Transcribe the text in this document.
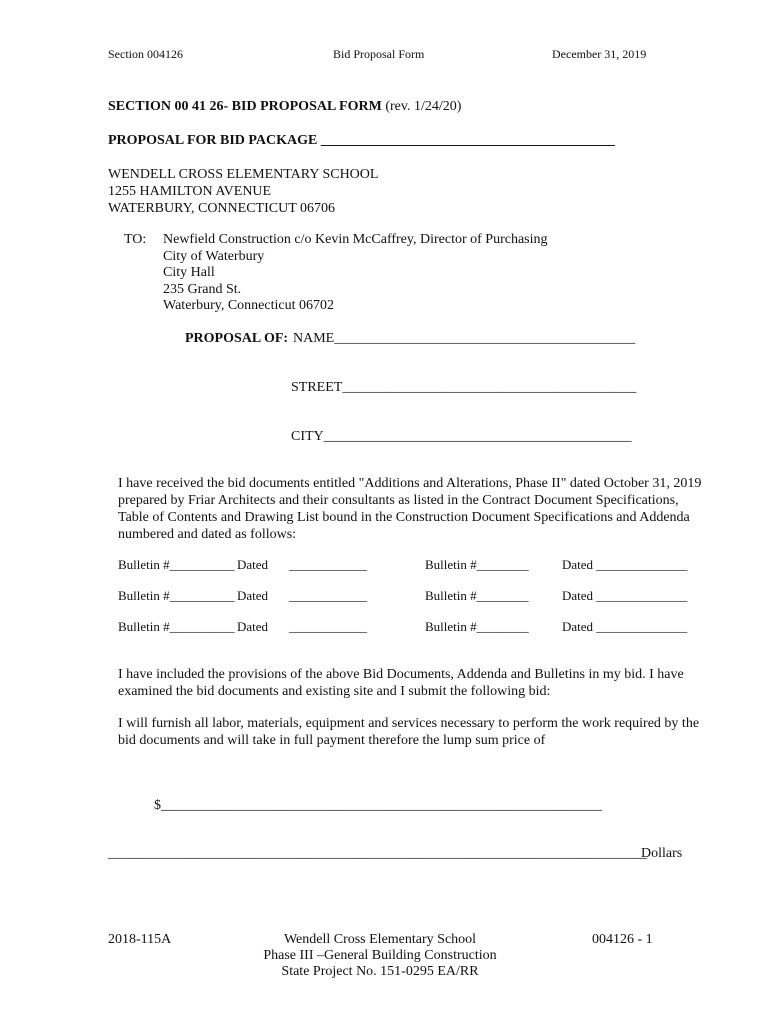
Section 004126	Bid Proposal Form	December 31, 2019
SECTION 00 41 26- BID PROPOSAL FORM (rev. 1/24/20)
PROPOSAL FOR BID PACKAGE __________________________________________
WENDELL CROSS ELEMENTARY SCHOOL
1255 HAMILTON AVENUE
WATERBURY, CONNECTICUT 06706
TO: Newfield Construction c/o Kevin McCaffrey, Director of Purchasing
City of Waterbury
City Hall
235 Grand St.
Waterbury, Connecticut 06702
PROPOSAL OF: NAME___________________________________________
STREET__________________________________________
CITY____________________________________________
I have received the bid documents entitled "Additions and Alterations, Phase II" dated October 31, 2019 prepared by Friar Architects and their consultants as listed in the Contract Document Specifications, Table of Contents and Drawing List bound in the Construction Document Specifications and Addenda numbered and dated as follows:
Bulletin #__________ Dated ____________	Bulletin #________	Dated ______________
Bulletin #__________ Dated ____________	Bulletin #________	Dated ______________
Bulletin #__________ Dated ____________	Bulletin #________	Dated ______________
I have included the provisions of the above Bid Documents, Addenda and Bulletins in my bid. I have examined the bid documents and existing site and I submit the following bid:
I will furnish all labor, materials, equipment and services necessary to perform the work required by the bid documents and will take in full payment therefore the lump sum price of
$_______________________________________________________________
_____________________________________________________________________________
Dollars
2018-115A	Wendell Cross Elementary School
Phase III –General Building Construction
State Project No. 151-0295 EA/RR
004126 - 1
